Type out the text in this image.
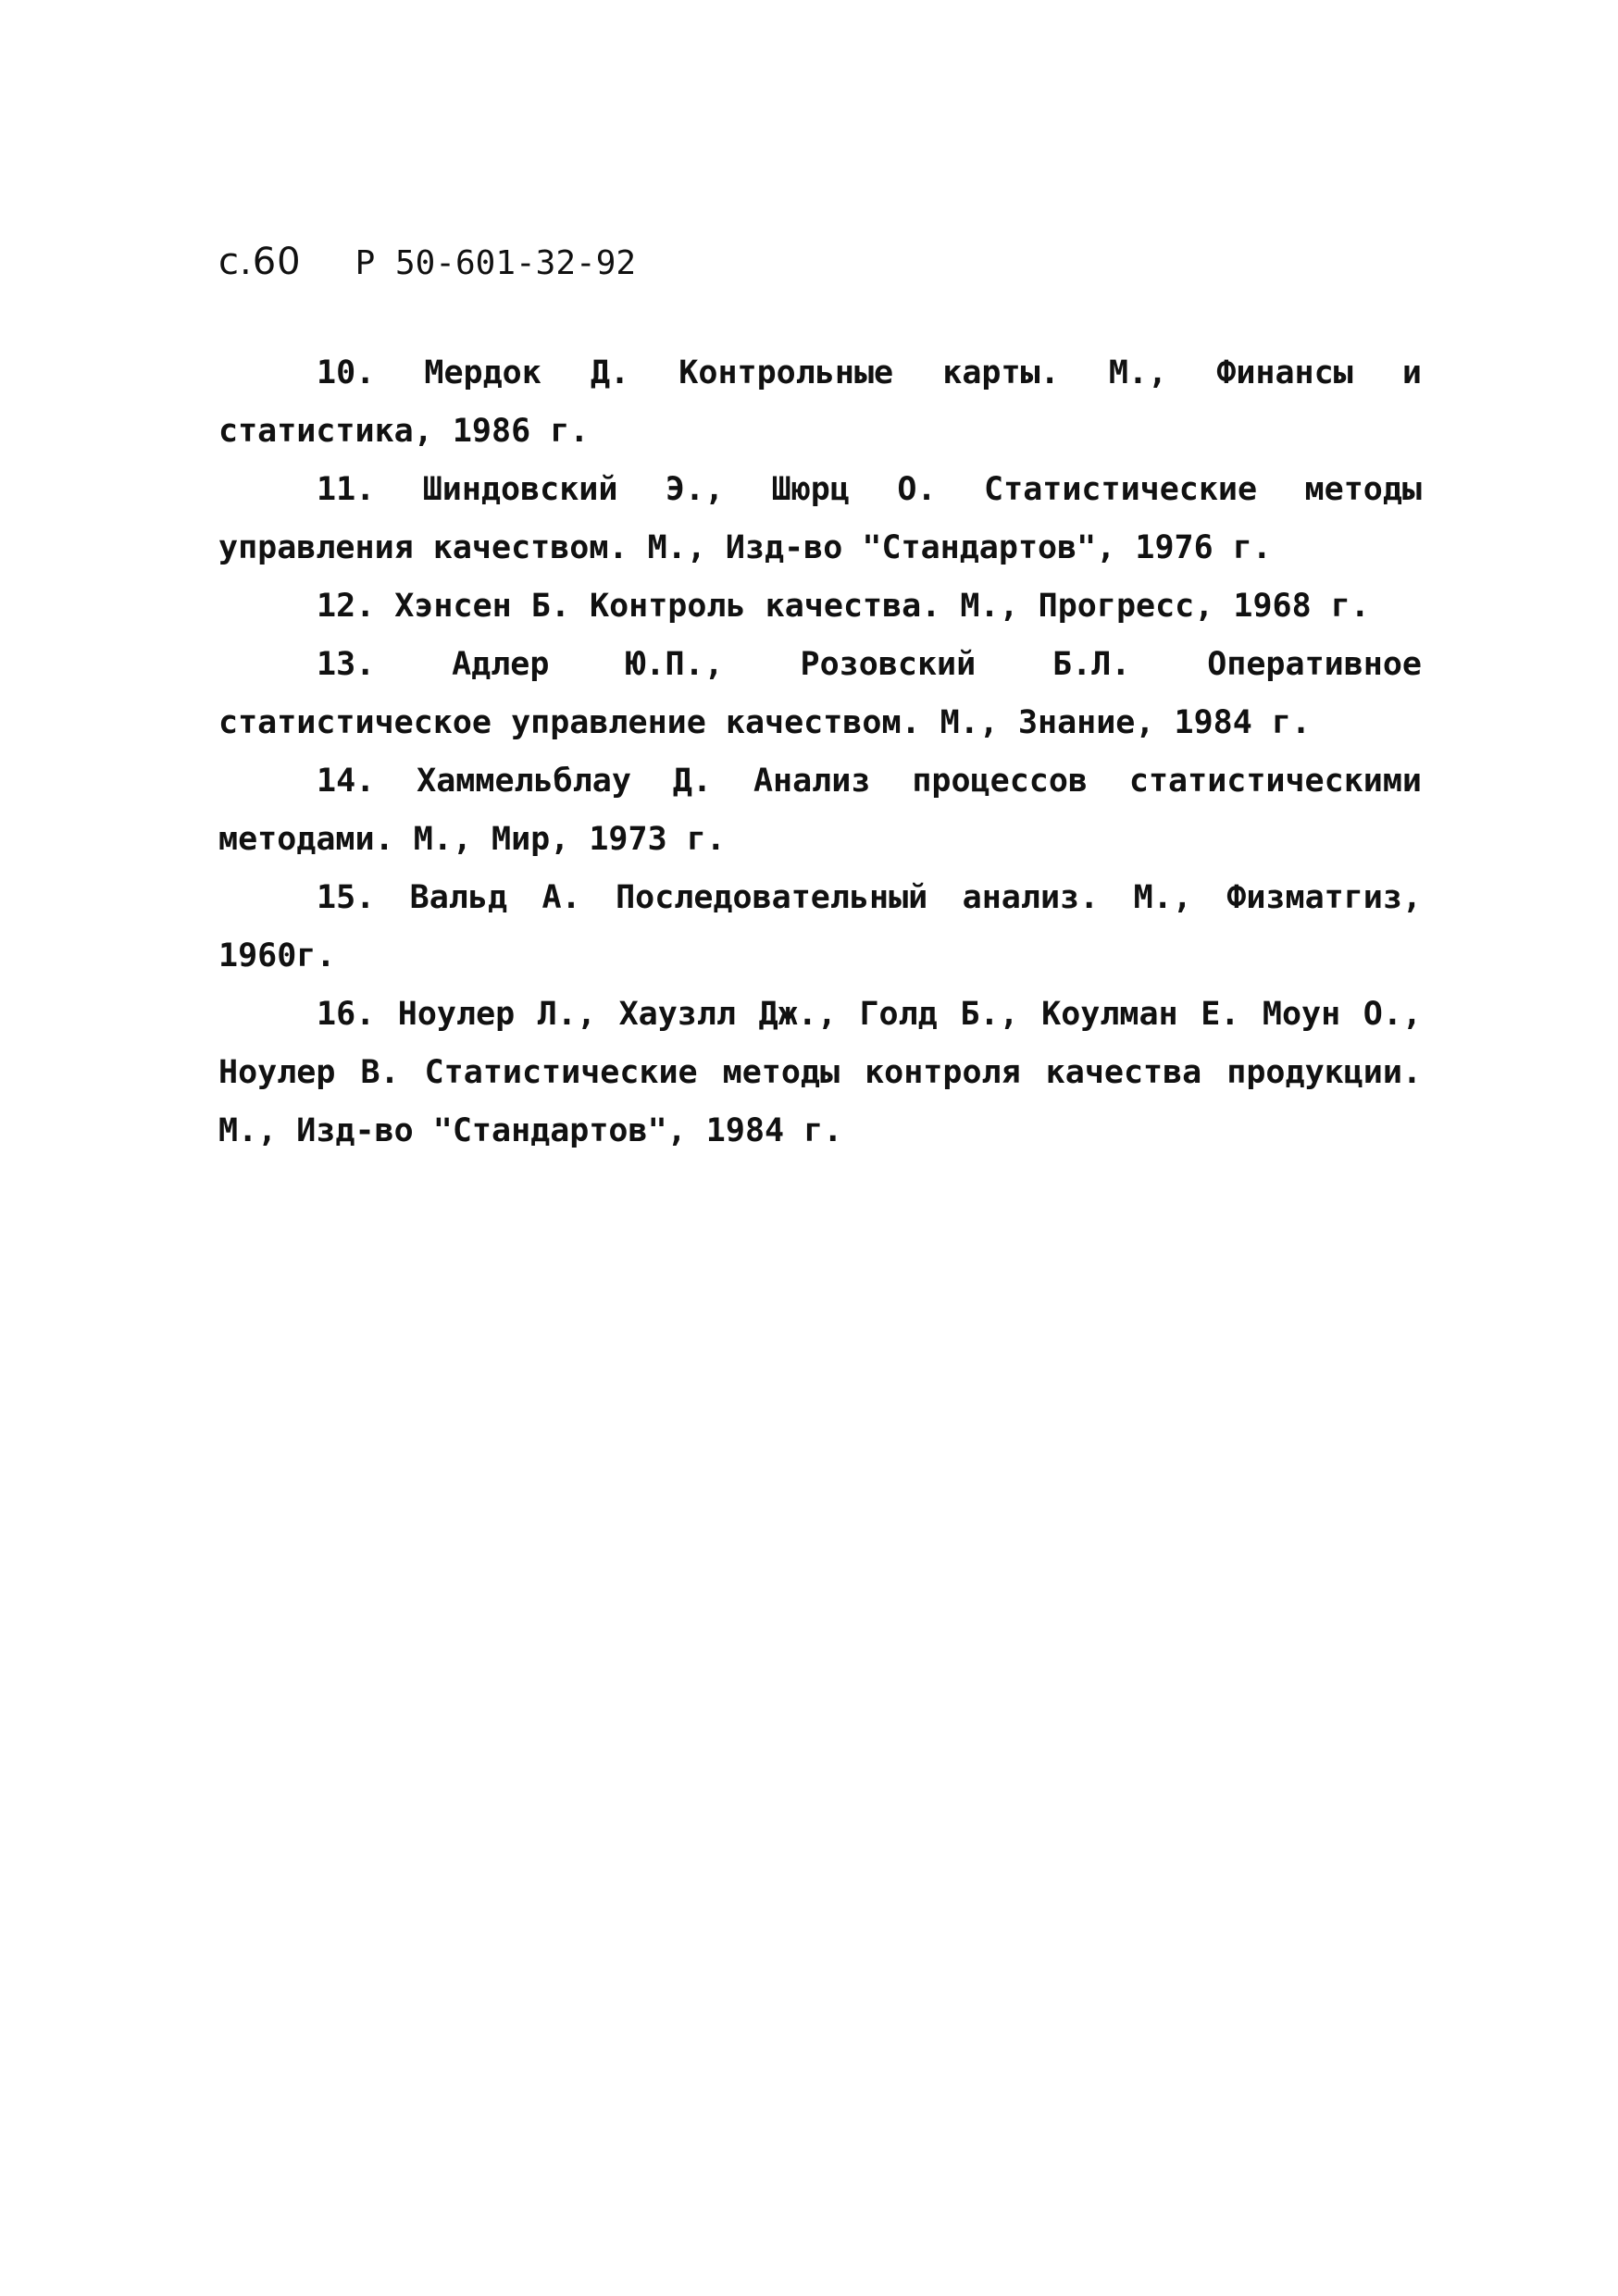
с.60 Р 50-601-32-92

10. Мердок Д. Контрольные карты. М., Финансы и статистика, 1986 г.

11. Шиндовский Э., Шюрц О. Статистические методы управления качеством. М., Изд-во "Стандартов", 1976 г.

12. Хэнсен Б. Контроль качества. М., Прогресс, 1968 г.

13. Адлер Ю.П., Розовский Б.Л. Оперативное статистическое управление качеством. М., Знание, 1984 г.

14. Хаммельблау Д. Анализ процессов статистическими методами. М., Мир, 1973 г.

15. Вальд А. Последовательный анализ. М., Физматгиз, 1960г.

16. Ноулер Л., Хаузлл Дж., Голд Б., Коулман Е. Моун О., Ноулер В. Статистические методы контроля качества продукции. М., Изд-во "Стандартов", 1984 г.
